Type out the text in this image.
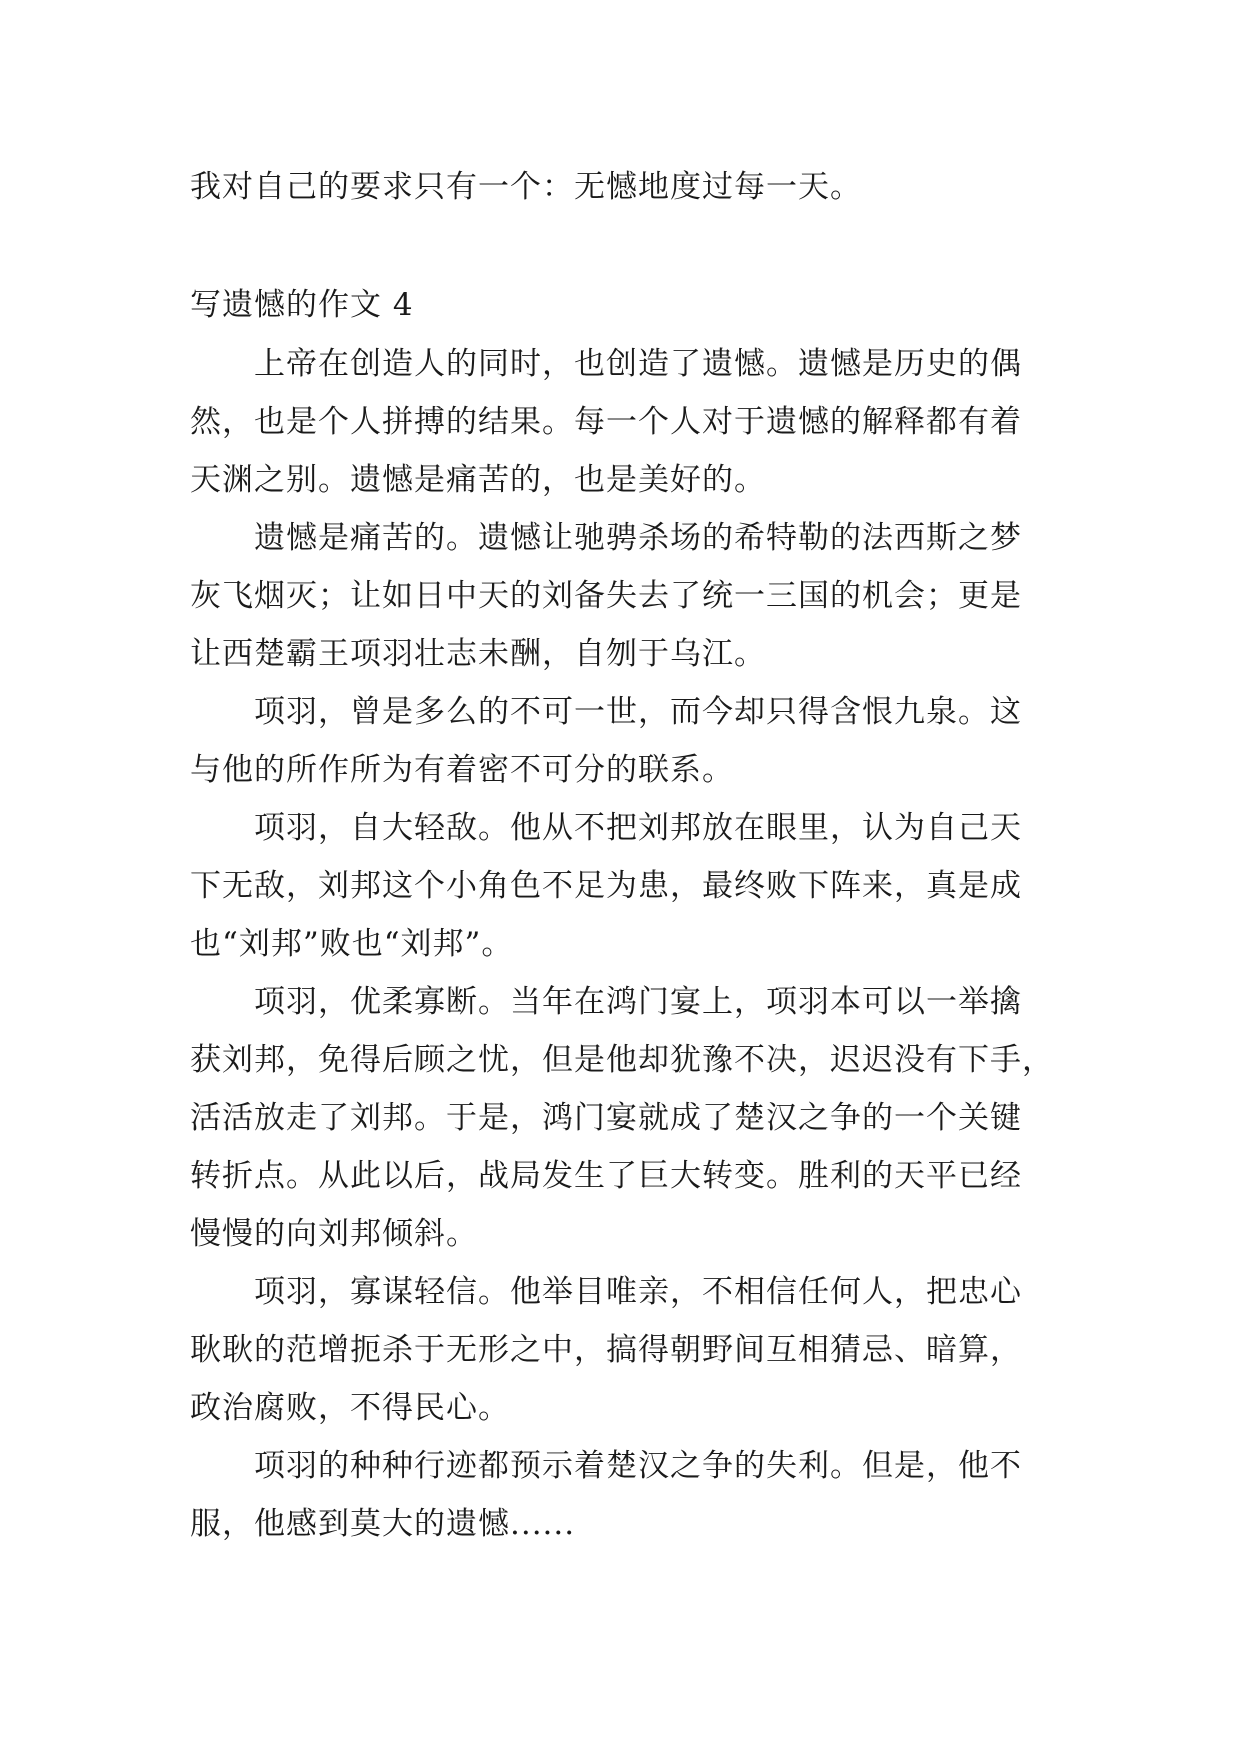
我对自己的要求只有一个：无憾地度过每一天。
写遗憾的作文 4
上帝在创造人的同时，也创造了遗憾。遗憾是历史的偶
然，也是个人拼搏的结果。每一个人对于遗憾的解释都有着
天渊之别。遗憾是痛苦的，也是美好的。
遗憾是痛苦的。遗憾让驰骋杀场的希特勒的法西斯之梦
灰飞烟灭；让如日中天的刘备失去了统一三国的机会；更是
让西楚霸王项羽壮志未酬，自刎于乌江。
项羽，曾是多么的不可一世，而今却只得含恨九泉。这
与他的所作所为有着密不可分的联系。
项羽，自大轻敌。他从不把刘邦放在眼里，认为自己天
下无敌，刘邦这个小角色不足为患，最终败下阵来，真是成
也“刘邦”败也“刘邦”。
项羽，优柔寡断。当年在鸿门宴上，项羽本可以一举擒
获刘邦，免得后顾之忧，但是他却犹豫不决，迟迟没有下手，
活活放走了刘邦。于是，鸿门宴就成了楚汉之争的一个关键
转折点。从此以后，战局发生了巨大转变。胜利的天平已经
慢慢的向刘邦倾斜。
项羽，寡谋轻信。他举目唯亲，不相信任何人，把忠心
耿耿的范增扼杀于无形之中，搞得朝野间互相猜忌、暗算，
政治腐败，不得民心。
项羽的种种行迹都预示着楚汉之争的失利。但是，他不
服，他感到莫大的遗憾......
